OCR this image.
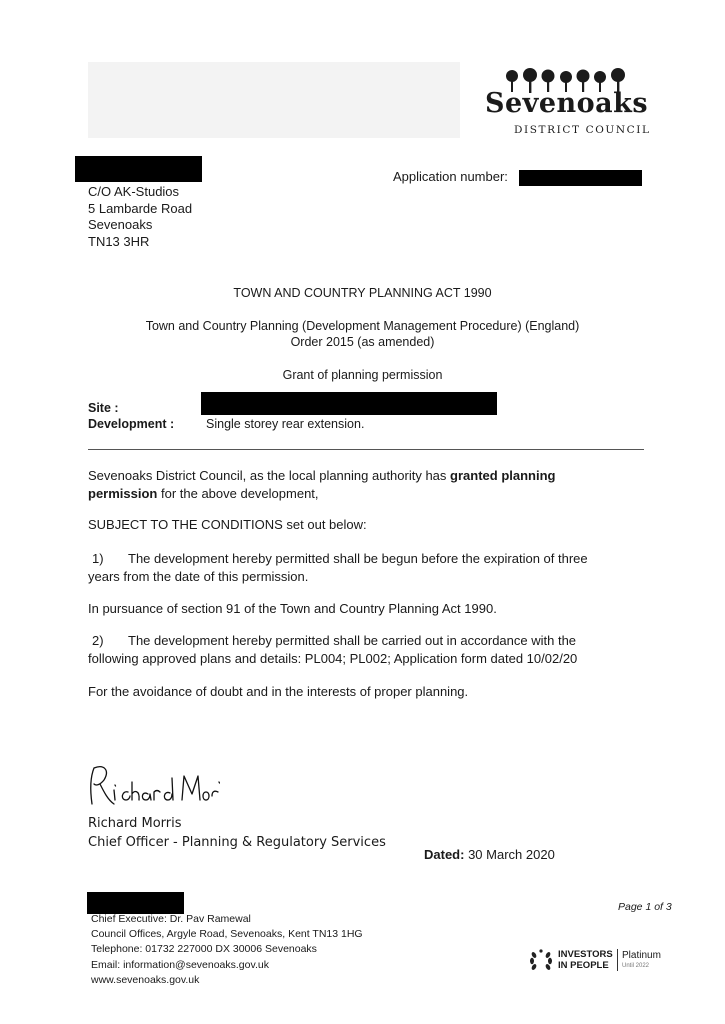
Sevenoaks
DISTRICT COUNCIL
C/O AK-Studios
5 Lambarde Road
Sevenoaks
TN13 3HR
Application number:
TOWN AND COUNTRY PLANNING ACT 1990
Town and Country Planning (Development Management Procedure) (England)
Order 2015 (as amended)
Grant of planning permission
Site :
Development :	Single storey rear extension.
Sevenoaks District Council, as the local planning authority has granted planning
permission for the above development,
SUBJECT TO THE CONDITIONS set out below:
1) The development hereby permitted shall be begun before the expiration of three
years from the date of this permission.
In pursuance of section 91 of the Town and Country Planning Act 1990.
2) The development hereby permitted shall be carried out in accordance with the
following approved plans and details: PL004; PL002; Application form dated 10/02/20
For the avoidance of doubt and in the interests of proper planning.
Richard Morris
Chief Officer - Planning & Regulatory Services
Dated: 30 March 2020
Chief Executive: Dr. Pav Ramewal
Council Offices, Argyle Road, Sevenoaks, Kent TN13 1HG
Telephone: 01732 227000 DX 30006 Sevenoaks
Email: information@sevenoaks.gov.uk
www.sevenoaks.gov.uk
Page 1 of 3
INVESTORS
IN PEOPLE
Platinum
Until 2022
